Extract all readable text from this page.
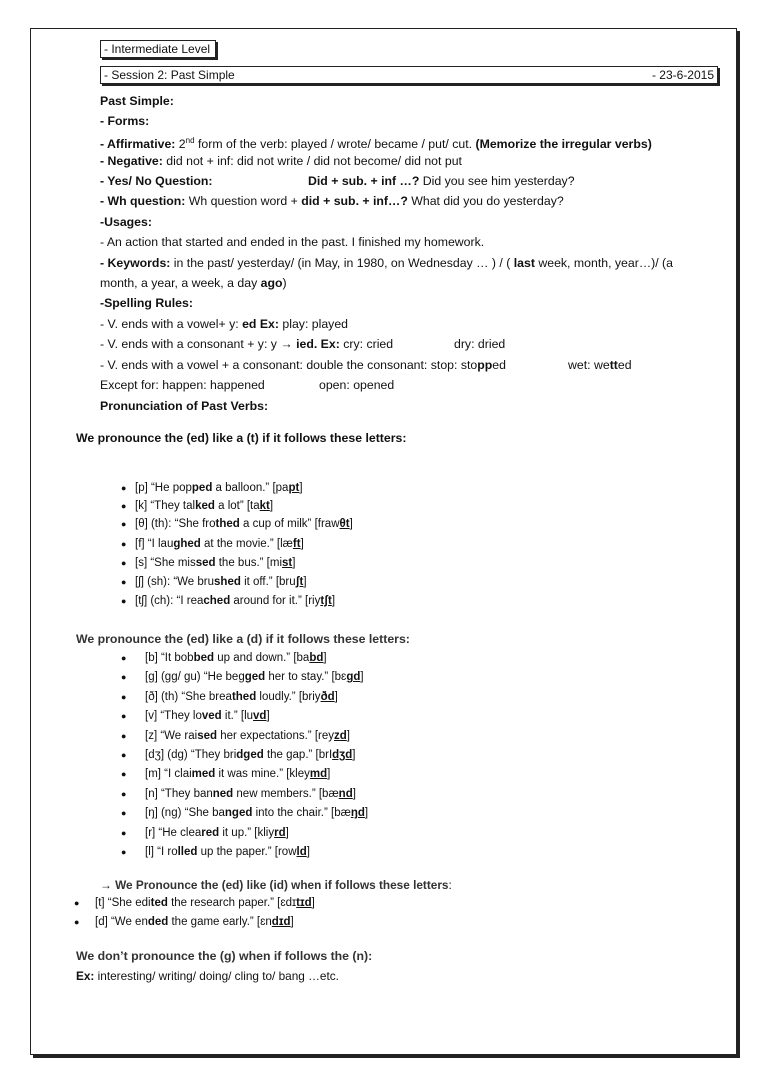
- Intermediate Level
- Session 2: Past Simple	- 23-6-2015
Past Simple:
- Forms:
- Affirmative: 2nd form of the verb: played / wrote/ became / put/ cut. (Memorize the irregular verbs)
- Negative: did not + inf: did not write / did not become/ did not put
- Yes/ No Question:	Did + sub. + inf …? Did you see him yesterday?
- Wh question: Wh question word + did + sub. + inf…? What did you do yesterday?
-Usages:
- An action that started and ended in the past. I finished my homework.
- Keywords: in the past/ yesterday/ (in May, in 1980, on Wednesday … ) / ( last week, month, year…)/ (a
month, a year, a week, a day ago)
-Spelling Rules:
- V. ends with a vowel+ y: ed Ex: play: played
- V. ends with a consonant + y: y → ied. Ex: cry: cried	dry: dried
- V. ends with a vowel + a consonant: double the consonant: stop: stopped	wet: wetted
Except for: happen: happened	open: opened
Pronunciation of Past Verbs:
We pronounce the (ed) like a (t) if it follows these letters:
● [p] “He popped a balloon.” [papt]
● [k] “They talked a lot” [takt]
● [θ] (th): “She frothed a cup of milk” [frawθt]
● [f] “I laughed at the movie.” [læft]
● [s] “She missed the bus.” [mist]
● [ʃ] (sh): “We brushed it off.” [bruʃt]
● [tʃ] (ch): “I reached around for it.” [riytʃt]
We pronounce the (ed) like a (d) if it follows these letters:
● [b] “It bobbed up and down.” [babd]
● [g] (gg/ gu) “He begged her to stay.” [bɛgd]
● [ð] (th) “She breathed loudly.” [briyðd]
● [v] “They loved it.” [luvd]
● [z] “We raised her expectations.” [reyzd]
● [dʒ] (dg) “They bridged the gap.” [brIdʒd]
● [m] “I claimed it was mine.” [kleymd]
● [n] “They banned new members.” [bænd]
● [ŋ] (ng) “She banged into the chair.” [bæŋd]
● [r] “He cleared it up.” [kliyrd]
● [l] “I rolled up the paper.” [rowld]
→ We Pronounce the (ed) like (id) when if follows these letters:
● [t] “She edited the research paper.” [ɛdɪtɪd]
● [d] “We ended the game early.” [ɛndɪd]
We don’t pronounce the (g) when if follows the (n):
Ex: interesting/ writing/ doing/ cling to/ bang …etc.
